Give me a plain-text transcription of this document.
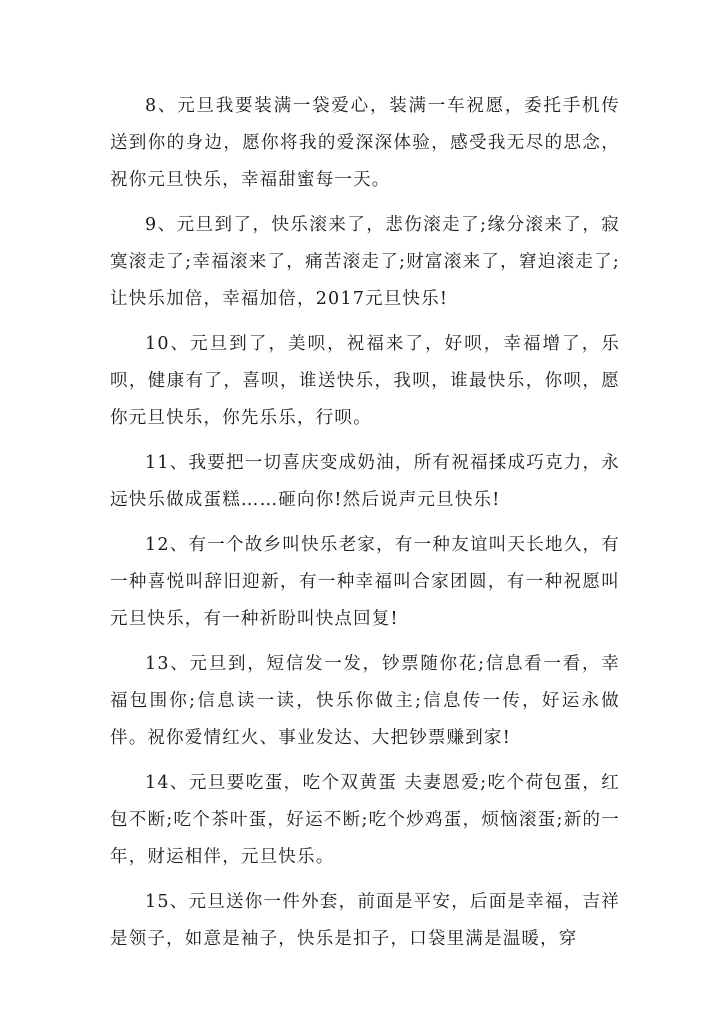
8、元旦我要装满一袋爱心，装满一车祝愿，委托手机传送到你的身边，愿你将我的爱深深体验，感受我无尽的思念，祝你元旦快乐，幸福甜蜜每一天。

9、元旦到了，快乐滚来了，悲伤滚走了;缘分滚来了，寂寞滚走了;幸福滚来了，痛苦滚走了;财富滚来了，窘迫滚走了;让快乐加倍，幸福加倍，2017元旦快乐!

10、元旦到了，美呗，祝福来了，好呗，幸福增了，乐呗，健康有了，喜呗，谁送快乐，我呗，谁最快乐，你呗，愿你元旦快乐，你先乐乐，行呗。

11、我要把一切喜庆变成奶油，所有祝福揉成巧克力，永远快乐做成蛋糕……砸向你!然后说声元旦快乐!

12、有一个故乡叫快乐老家，有一种友谊叫天长地久，有一种喜悦叫辞旧迎新，有一种幸福叫合家团圆，有一种祝愿叫元旦快乐，有一种祈盼叫快点回复!

13、元旦到，短信发一发，钞票随你花;信息看一看，幸福包围你;信息读一读，快乐你做主;信息传一传，好运永做伴。祝你爱情红火、事业发达、大把钞票赚到家!

14、元旦要吃蛋，吃个双黄蛋 夫妻恩爱;吃个荷包蛋，红包不断;吃个茶叶蛋，好运不断;吃个炒鸡蛋，烦恼滚蛋;新的一年，财运相伴，元旦快乐。

15、元旦送你一件外套，前面是平安，后面是幸福，吉祥是领子，如意是袖子，快乐是扣子，口袋里满是温暖，穿
